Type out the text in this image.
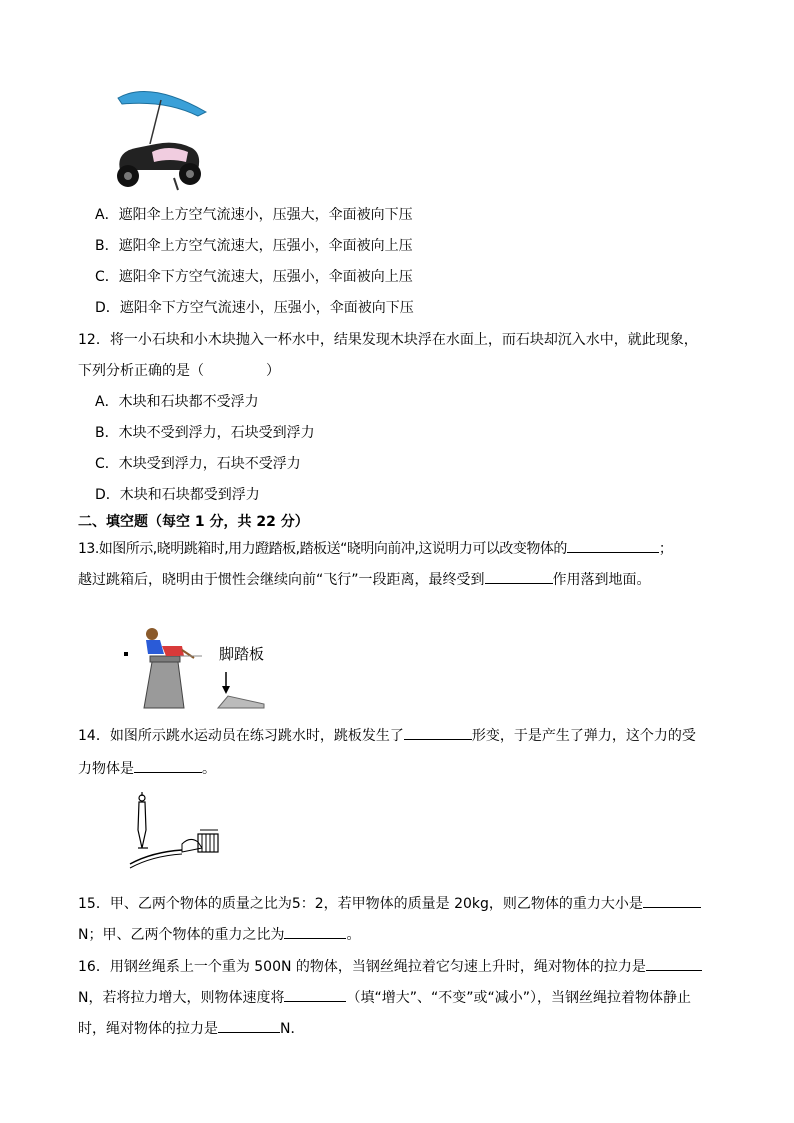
A．遮阳伞上方空气流速小，压强大，伞面被向下压
B．遮阳伞上方空气流速大，压强小，伞面被向上压
C．遮阳伞下方空气流速大，压强小，伞面被向上压
D．遮阳伞下方空气流速小，压强小，伞面被向下压
12．将一小石块和小木块抛入一杯水中，结果发现木块浮在水面上，而石块却沉入水中，就此现象，
下列分析正确的是（	）
A．木块和石块都不受浮力
B．木块不受到浮力，石块受到浮力
C．木块受到浮力，石块不受浮力
D．木块和石块都受到浮力
二、填空题（每空 1 分，共 22 分）
13.如图所示,晓明跳箱时,用力蹬踏板,踏板送“晓明向前冲,这说明力可以改变物体的	；
越过跳箱后，晓明由于惯性会继续向前“飞行”一段距离，最终受到	作用落到地面。
脚踏板
14．如图所示跳水运动员在练习跳水时，跳板发生了	形变，于是产生了弹力，这个力的受
力物体是	。
15．甲、乙两个物体的质量之比为5：2，若甲物体的质量是 20kg，则乙物体的重力大小是
N；甲、乙两个物体的重力之比为	。
16．用钢丝绳系上一个重为 500N 的物体，当钢丝绳拉着它匀速上升时，绳对物体的拉力是
N，若将拉力增大，则物体速度将	（填“增大”、“不变”或“减小”），当钢丝绳拉着物体静止
时，绳对物体的拉力是	N．
